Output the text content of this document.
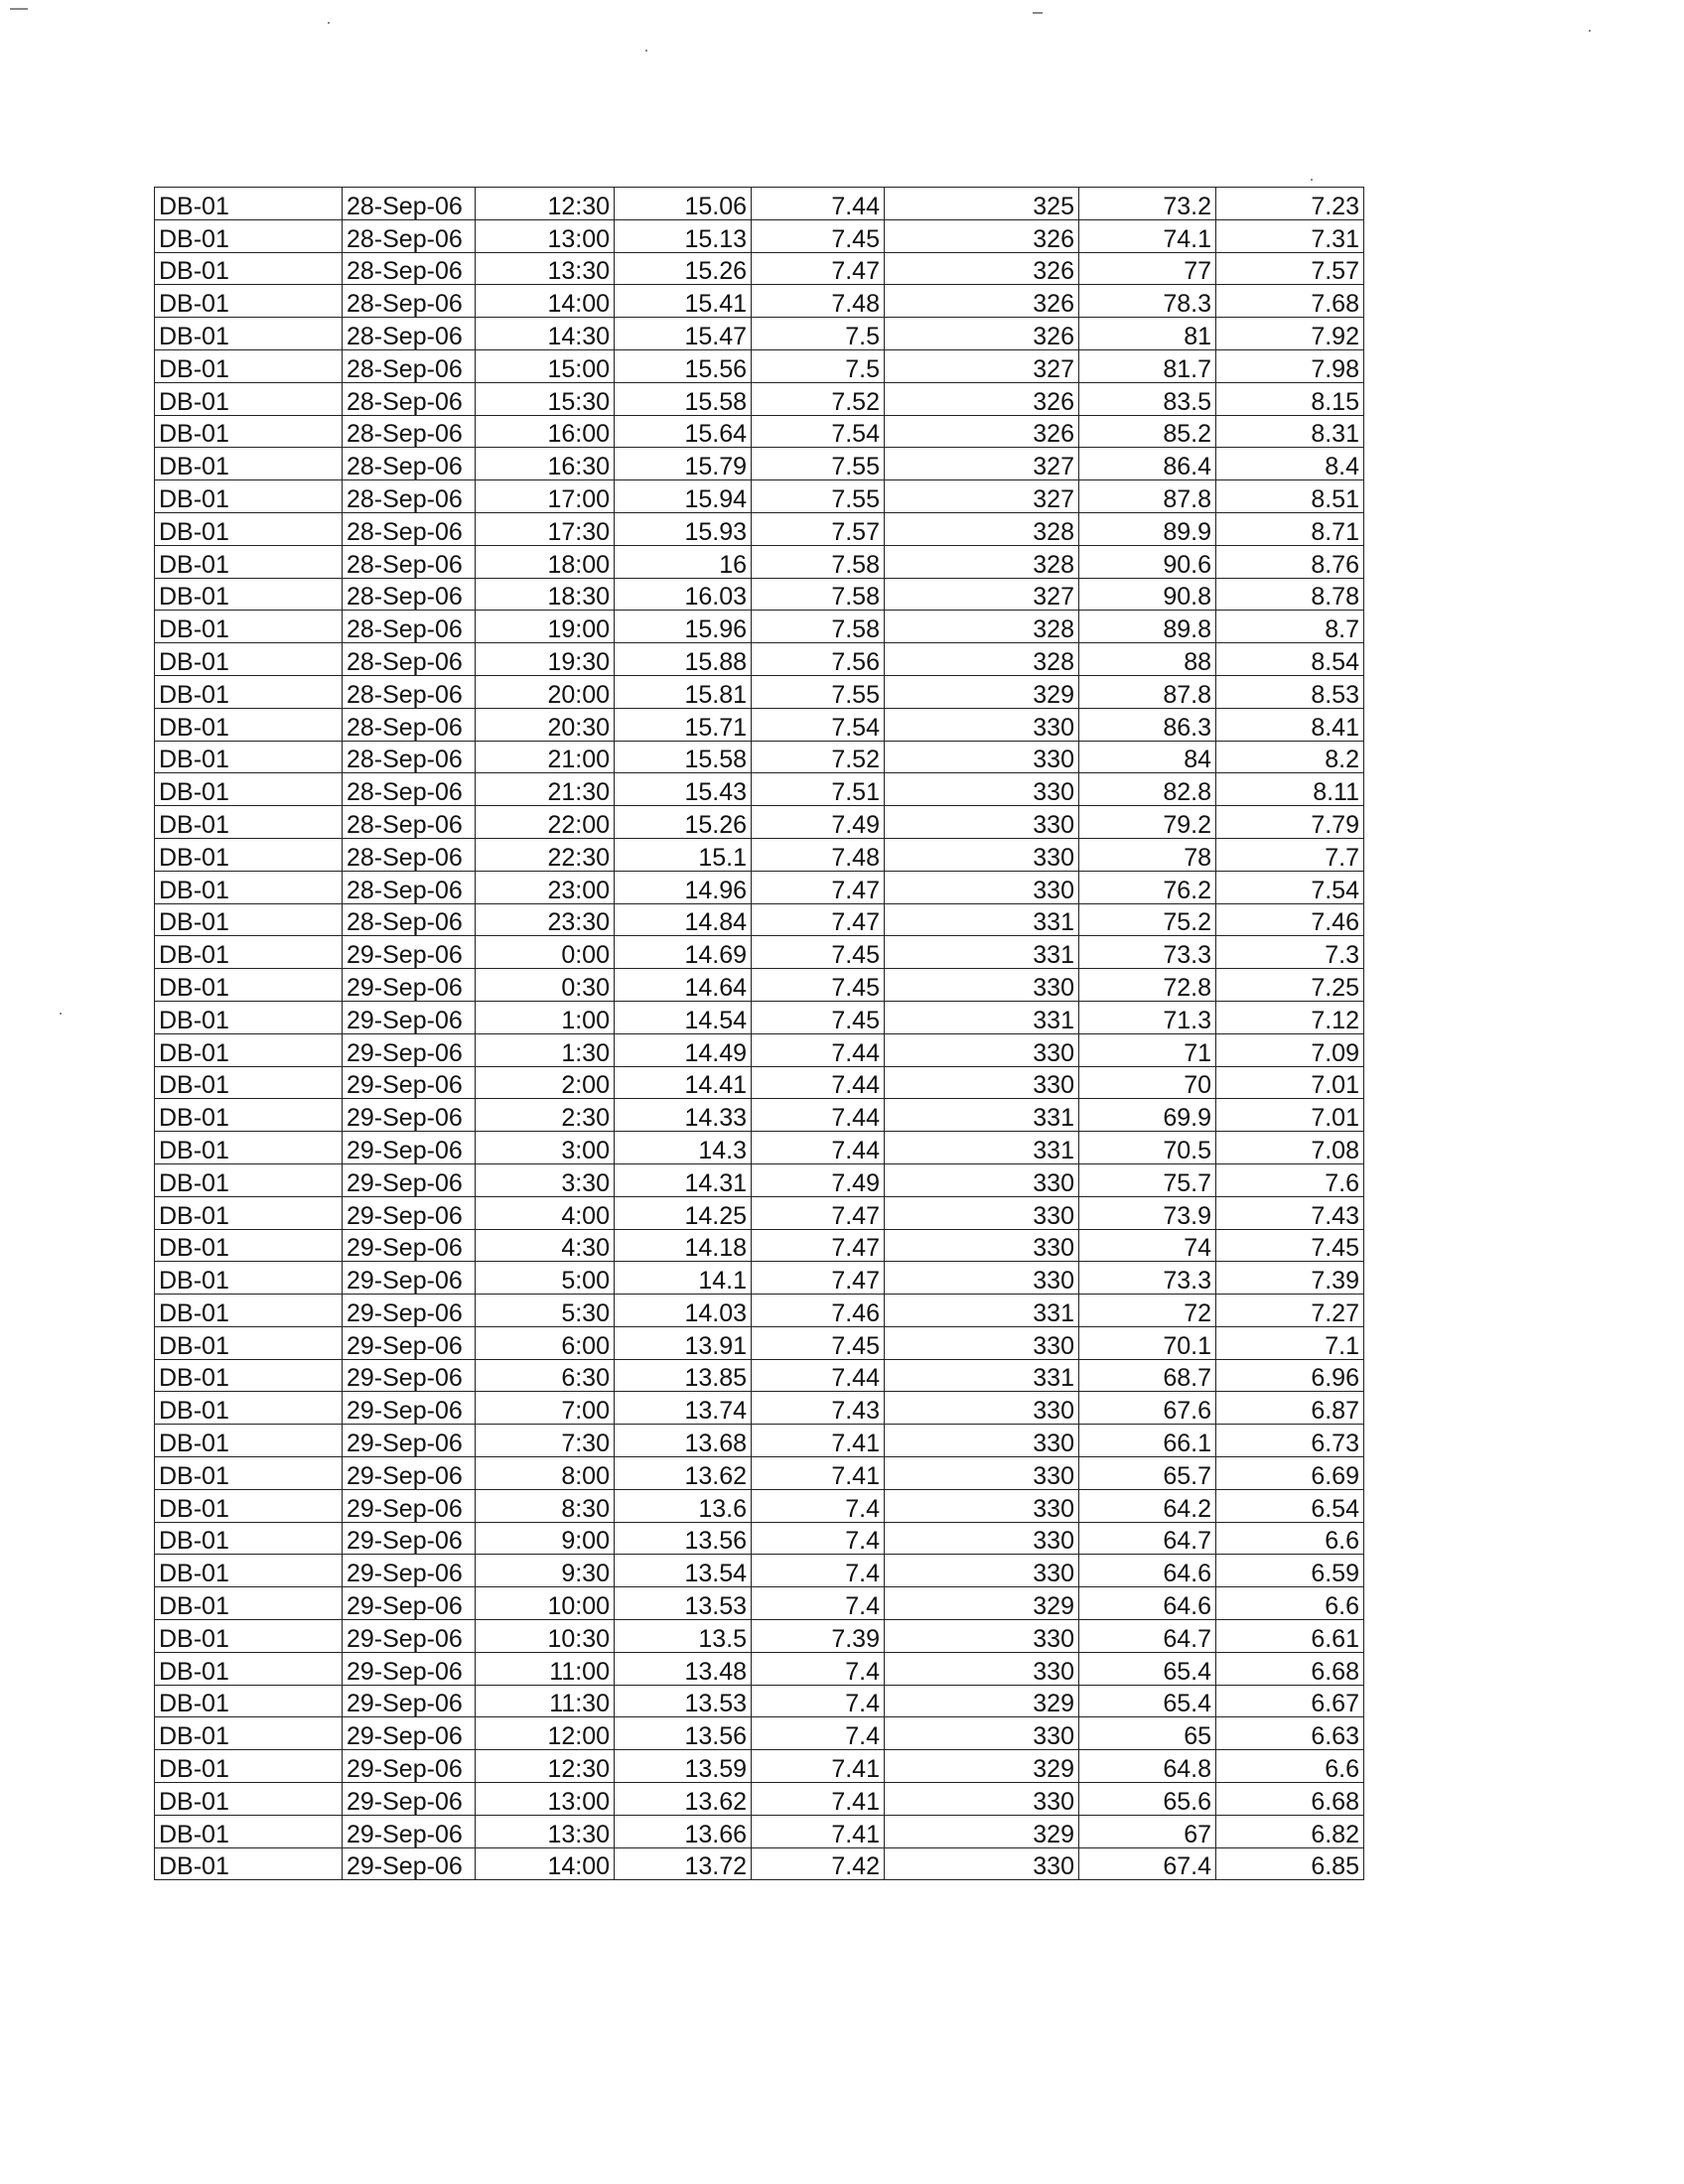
DB-01	28-Sep-06	12:30	15.06	7.44	325	73.2	7.23
DB-01	28-Sep-06	13:00	15.13	7.45	326	74.1	7.31
DB-01	28-Sep-06	13:30	15.26	7.47	326	77	7.57
DB-01	28-Sep-06	14:00	15.41	7.48	326	78.3	7.68
DB-01	28-Sep-06	14:30	15.47	7.5	326	81	7.92
DB-01	28-Sep-06	15:00	15.56	7.5	327	81.7	7.98
DB-01	28-Sep-06	15:30	15.58	7.52	326	83.5	8.15
DB-01	28-Sep-06	16:00	15.64	7.54	326	85.2	8.31
DB-01	28-Sep-06	16:30	15.79	7.55	327	86.4	8.4
DB-01	28-Sep-06	17:00	15.94	7.55	327	87.8	8.51
DB-01	28-Sep-06	17:30	15.93	7.57	328	89.9	8.71
DB-01	28-Sep-06	18:00	16	7.58	328	90.6	8.76
DB-01	28-Sep-06	18:30	16.03	7.58	327	90.8	8.78
DB-01	28-Sep-06	19:00	15.96	7.58	328	89.8	8.7
DB-01	28-Sep-06	19:30	15.88	7.56	328	88	8.54
DB-01	28-Sep-06	20:00	15.81	7.55	329	87.8	8.53
DB-01	28-Sep-06	20:30	15.71	7.54	330	86.3	8.41
DB-01	28-Sep-06	21:00	15.58	7.52	330	84	8.2
DB-01	28-Sep-06	21:30	15.43	7.51	330	82.8	8.11
DB-01	28-Sep-06	22:00	15.26	7.49	330	79.2	7.79
DB-01	28-Sep-06	22:30	15.1	7.48	330	78	7.7
DB-01	28-Sep-06	23:00	14.96	7.47	330	76.2	7.54
DB-01	28-Sep-06	23:30	14.84	7.47	331	75.2	7.46
DB-01	29-Sep-06	0:00	14.69	7.45	331	73.3	7.3
DB-01	29-Sep-06	0:30	14.64	7.45	330	72.8	7.25
DB-01	29-Sep-06	1:00	14.54	7.45	331	71.3	7.12
DB-01	29-Sep-06	1:30	14.49	7.44	330	71	7.09
DB-01	29-Sep-06	2:00	14.41	7.44	330	70	7.01
DB-01	29-Sep-06	2:30	14.33	7.44	331	69.9	7.01
DB-01	29-Sep-06	3:00	14.3	7.44	331	70.5	7.08
DB-01	29-Sep-06	3:30	14.31	7.49	330	75.7	7.6
DB-01	29-Sep-06	4:00	14.25	7.47	330	73.9	7.43
DB-01	29-Sep-06	4:30	14.18	7.47	330	74	7.45
DB-01	29-Sep-06	5:00	14.1	7.47	330	73.3	7.39
DB-01	29-Sep-06	5:30	14.03	7.46	331	72	7.27
DB-01	29-Sep-06	6:00	13.91	7.45	330	70.1	7.1
DB-01	29-Sep-06	6:30	13.85	7.44	331	68.7	6.96
DB-01	29-Sep-06	7:00	13.74	7.43	330	67.6	6.87
DB-01	29-Sep-06	7:30	13.68	7.41	330	66.1	6.73
DB-01	29-Sep-06	8:00	13.62	7.41	330	65.7	6.69
DB-01	29-Sep-06	8:30	13.6	7.4	330	64.2	6.54
DB-01	29-Sep-06	9:00	13.56	7.4	330	64.7	6.6
DB-01	29-Sep-06	9:30	13.54	7.4	330	64.6	6.59
DB-01	29-Sep-06	10:00	13.53	7.4	329	64.6	6.6
DB-01	29-Sep-06	10:30	13.5	7.39	330	64.7	6.61
DB-01	29-Sep-06	11:00	13.48	7.4	330	65.4	6.68
DB-01	29-Sep-06	11:30	13.53	7.4	329	65.4	6.67
DB-01	29-Sep-06	12:00	13.56	7.4	330	65	6.63
DB-01	29-Sep-06	12:30	13.59	7.41	329	64.8	6.6
DB-01	29-Sep-06	13:00	13.62	7.41	330	65.6	6.68
DB-01	29-Sep-06	13:30	13.66	7.41	329	67	6.82
DB-01	29-Sep-06	14:00	13.72	7.42	330	67.4	6.85
